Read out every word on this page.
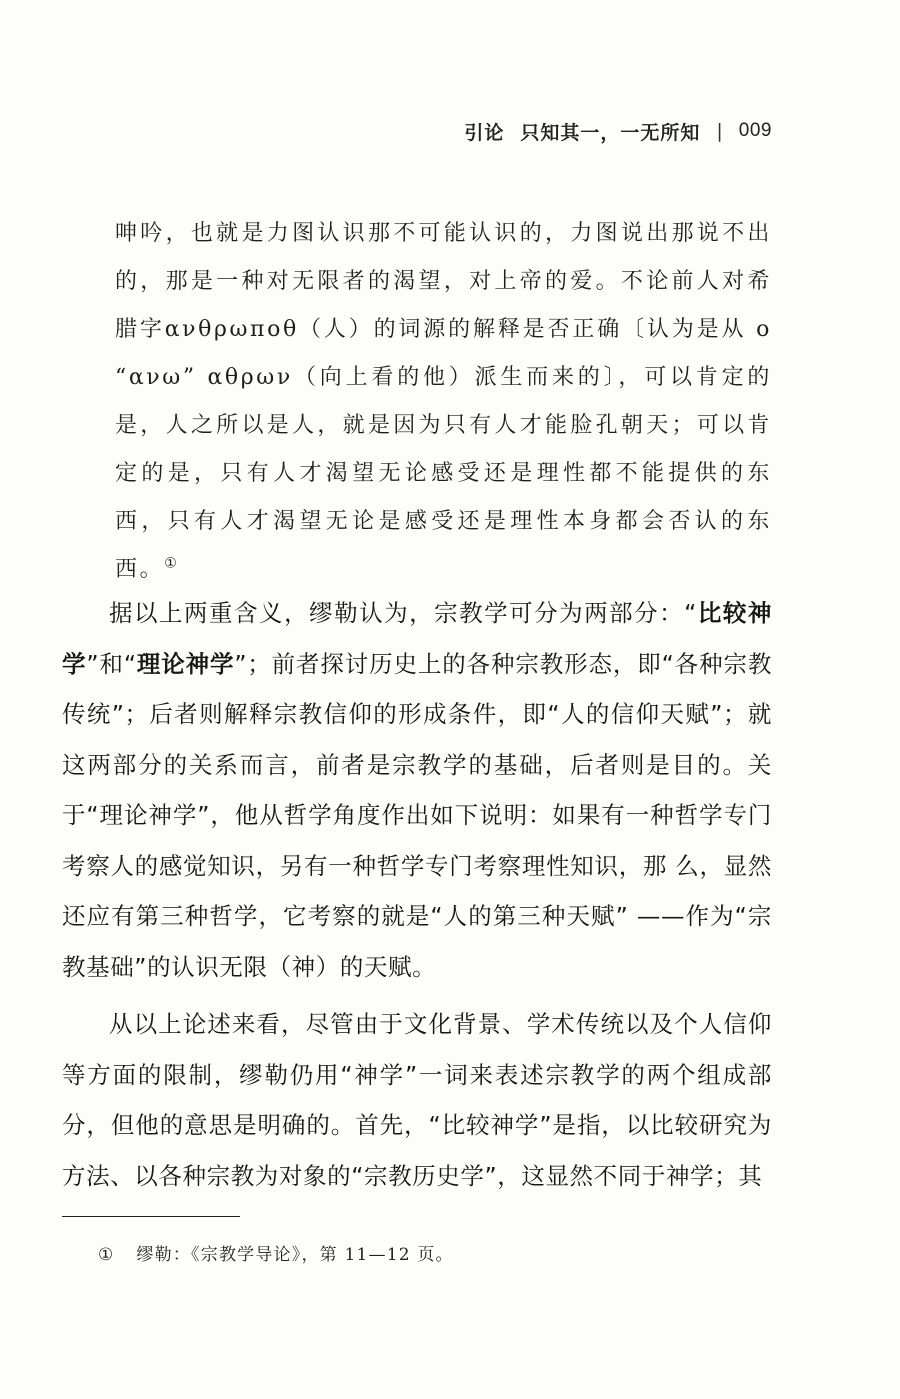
引论 只知其一，一无所知 | 009

呻吟，也就是力图认识那不可能认识的，力图说出那说不出的，那是一种对无限者的渴望，对上帝的爱。不论前人对希腊字ανθρωποθ（人）的词源的解释是否正确〔认为是从 ο “ανω” αθρων（向上看的他）派生而来的〕，可以肯定的是，人之所以是人，就是因为只有人才能脸孔朝天；可以肯定的是，只有人才渴望无论感受还是理性都不能提供的东西，只有人才渴望无论是感受还是理性本身都会否认的东西。①

据以上两重含义，缪勒认为，宗教学可分为两部分：“比较神学”和“理论神学”；前者探讨历史上的各种宗教形态，即“各种宗教传统”；后者则解释宗教信仰的形成条件，即“人的信仰天赋”；就这两部分的关系而言，前者是宗教学的基础，后者则是目的。关于“理论神学”，他从哲学角度作出如下说明：如果有一种哲学专门考察人的感觉知识，另有一种哲学专门考察理性知识，那 么，显然还应有第三种哲学，它考察的就是“人的第三种天赋” ——作为“宗教基础”的认识无限（神）的天赋。

从以上论述来看，尽管由于文化背景、学术传统以及个人信仰等方面的限制，缪勒仍用“神学”一词来表述宗教学的两个组成部分，但他的意思是明确的。首先，“比较神学”是指，以比较研究为方法、以各种宗教为对象的“宗教历史学”，这显然不同于神学；其

① 缪勒：《宗教学导论》，第 11—12 页。
